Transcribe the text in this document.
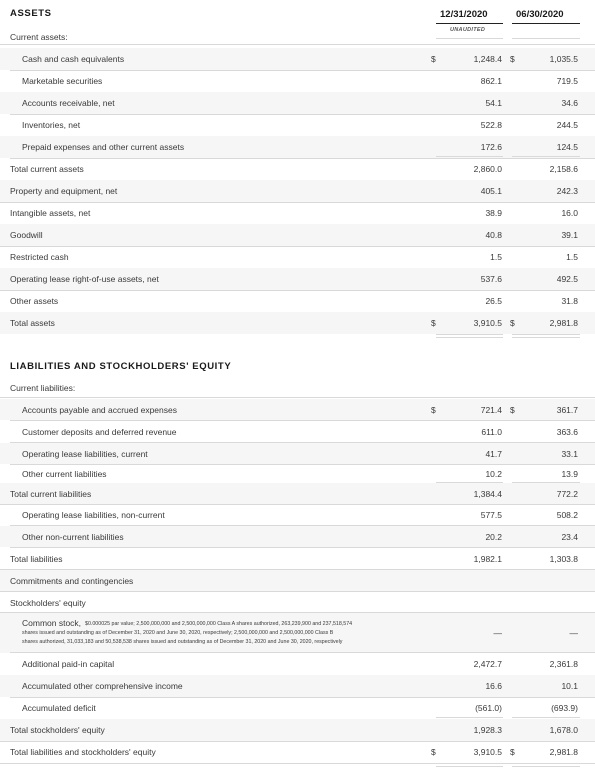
ASSETS	12/31/2020	06/30/2020
UNAUDITED
Current assets:
Cash and cash equivalents	$	1,248.4 $	1,035.5
Marketable securities	862.1	719.5
Accounts receivable, net	54.1	34.6
Inventories, net	522.8	244.5
Prepaid expenses and other current assets	172.6	124.5
Total current assets	2,860.0	2,158.6
Property and equipment, net	405.1	242.3
Intangible assets, net	38.9	16.0
Goodwill	40.8	39.1
Restricted cash	1.5	1.5
Operating lease right-of-use assets, net	537.6	492.5
Other assets	26.5	31.8
Total assets	$	3,910.5 $	2,981.8
LIABILITIES AND STOCKHOLDERS' EQUITY
Current liabilities:
Accounts payable and accrued expenses	$	721.4 $	361.7
Customer deposits and deferred revenue	611.0	363.6
Operating lease liabilities, current	41.7	33.1
Other current liabilities	10.2	13.9
Total current liabilities	1,384.4	772.2
Operating lease liabilities, non-current	577.5	508.2
Other non-current liabilities	20.2	23.4
Total liabilities	1,982.1	1,303.8
Commitments and contingencies
Stockholders' equity
Common stock, $0.000025 par value; 2,500,000,000 and 2,500,000,000 Class A shares authorized, 263,239,900 and 237,518,574
shares issued and outstanding as of December 31, 2020 and June 30, 2020, respectively; 2,500,000,000 and 2,500,000,000 Class B
shares authorized, 31,033,183 and 50,538,538 shares issued and outstanding as of December 31, 2020 and June 30, 2020, respectively
—	—
Additional paid-in capital	2,472.7	2,361.8
Accumulated other comprehensive income	16.6	10.1
Accumulated deficit	(561.0)	(693.9)
Total stockholders' equity	1,928.3	1,678.0
Total liabilities and stockholders' equity	$	3,910.5 $	2,981.8
